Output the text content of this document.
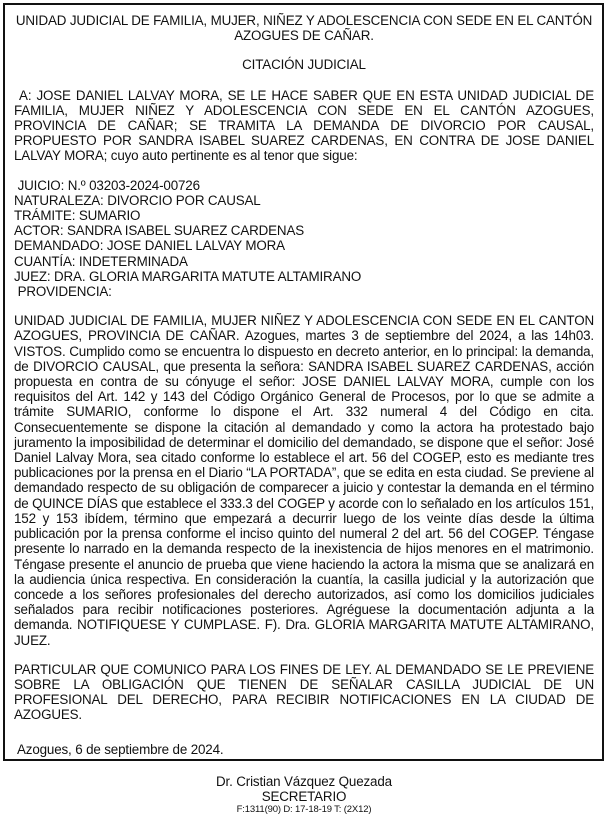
UNIDAD JUDICIAL DE FAMILIA, MUJER, NIÑEZ Y ADOLESCENCIA CON SEDE EN EL CANTÓN AZOGUES DE CAÑAR.

CITACIÓN JUDICIAL

A: JOSE DANIEL LALVAY MORA, SE LE HACE SABER QUE EN ESTA UNIDAD JUDICIAL DE FAMILIA, MUJER NIÑEZ Y ADOLESCENCIA CON SEDE EN EL CANTÓN AZOGUES, PROVINCIA DE CAÑAR; SE TRAMITA LA DEMANDA DE DIVORCIO POR CAUSAL, PROPUESTO POR SANDRA ISABEL SUAREZ CARDENAS, EN CONTRA DE JOSE DANIEL LALVAY MORA; cuyo auto pertinente es al tenor que sigue:

JUICIO: N.º 03203-2024-00726
NATURALEZA: DIVORCIO POR CAUSAL
TRÁMITE: SUMARIO
ACTOR: SANDRA ISABEL SUAREZ CARDENAS
DEMANDADO: JOSE DANIEL LALVAY MORA
CUANTÍA: INDETERMINADA
JUEZ: DRA. GLORIA MARGARITA MATUTE ALTAMIRANO
PROVIDENCIA:

UNIDAD JUDICIAL DE FAMILIA, MUJER NIÑEZ Y ADOLESCENCIA CON SEDE EN EL CANTON AZOGUES, PROVINCIA DE CAÑAR. Azogues, martes 3 de septiembre del 2024, a las 14h03. VISTOS. Cumplido como se encuentra lo dispuesto en decreto anterior, en lo principal: la demanda, de DIVORCIO CAUSAL, que presenta la señora: SANDRA ISABEL SUAREZ CARDENAS, acción propuesta en contra de su cónyuge el señor: JOSE DANIEL LALVAY MORA, cumple con los requisitos del Art. 142 y 143 del Código Orgánico General de Procesos, por lo que se admite a trámite SUMARIO, conforme lo dispone el Art. 332 numeral 4 del Código en cita. Consecuentemente se dispone la citación al demandado y como la actora ha protestado bajo juramento la imposibilidad de determinar el domicilio del demandado, se dispone que el señor: José Daniel Lalvay Mora, sea citado conforme lo establece el art. 56 del COGEP, esto es mediante tres publicaciones por la prensa en el Diario “LA PORTADA”, que se edita en esta ciudad. Se previene al demandado respecto de su obligación de comparecer a juicio y contestar la demanda en el término de QUINCE DÍAS que establece el 333.3 del COGEP y acorde con lo señalado en los artículos 151, 152 y 153 ibídem, término que empezará a decurrir luego de los veinte días desde la última publicación por la prensa conforme el inciso quinto del numeral 2 del art. 56 del COGEP. Téngase presente lo narrado en la demanda respecto de la inexistencia de hijos menores en el matrimonio. Téngase presente el anuncio de prueba que viene haciendo la actora la misma que se analizará en la audiencia única respectiva. En consideración la cuantía, la casilla judicial y la autorización que concede a los señores profesionales del derecho autorizados, así como los domicilios judiciales señalados para recibir notificaciones posteriores. Agréguese la documentación adjunta a la demanda. NOTIFIQUESE Y CUMPLASE. F). Dra. GLORIA MARGARITA MATUTE ALTAMIRANO, JUEZ.

PARTICULAR QUE COMUNICO PARA LOS FINES DE LEY. AL DEMANDADO SE LE PREVIENE SOBRE LA OBLIGACIÓN QUE TIENEN DE SEÑALAR CASILLA JUDICIAL DE UN PROFESIONAL DEL DERECHO, PARA RECIBIR NOTIFICACIONES EN LA CIUDAD DE AZOGUES.

Azogues, 6 de septiembre de 2024.

Dr. Cristian Vázquez Quezada
SECRETARIO
F:1311(90) D: 17-18-19 T: (2X12)
